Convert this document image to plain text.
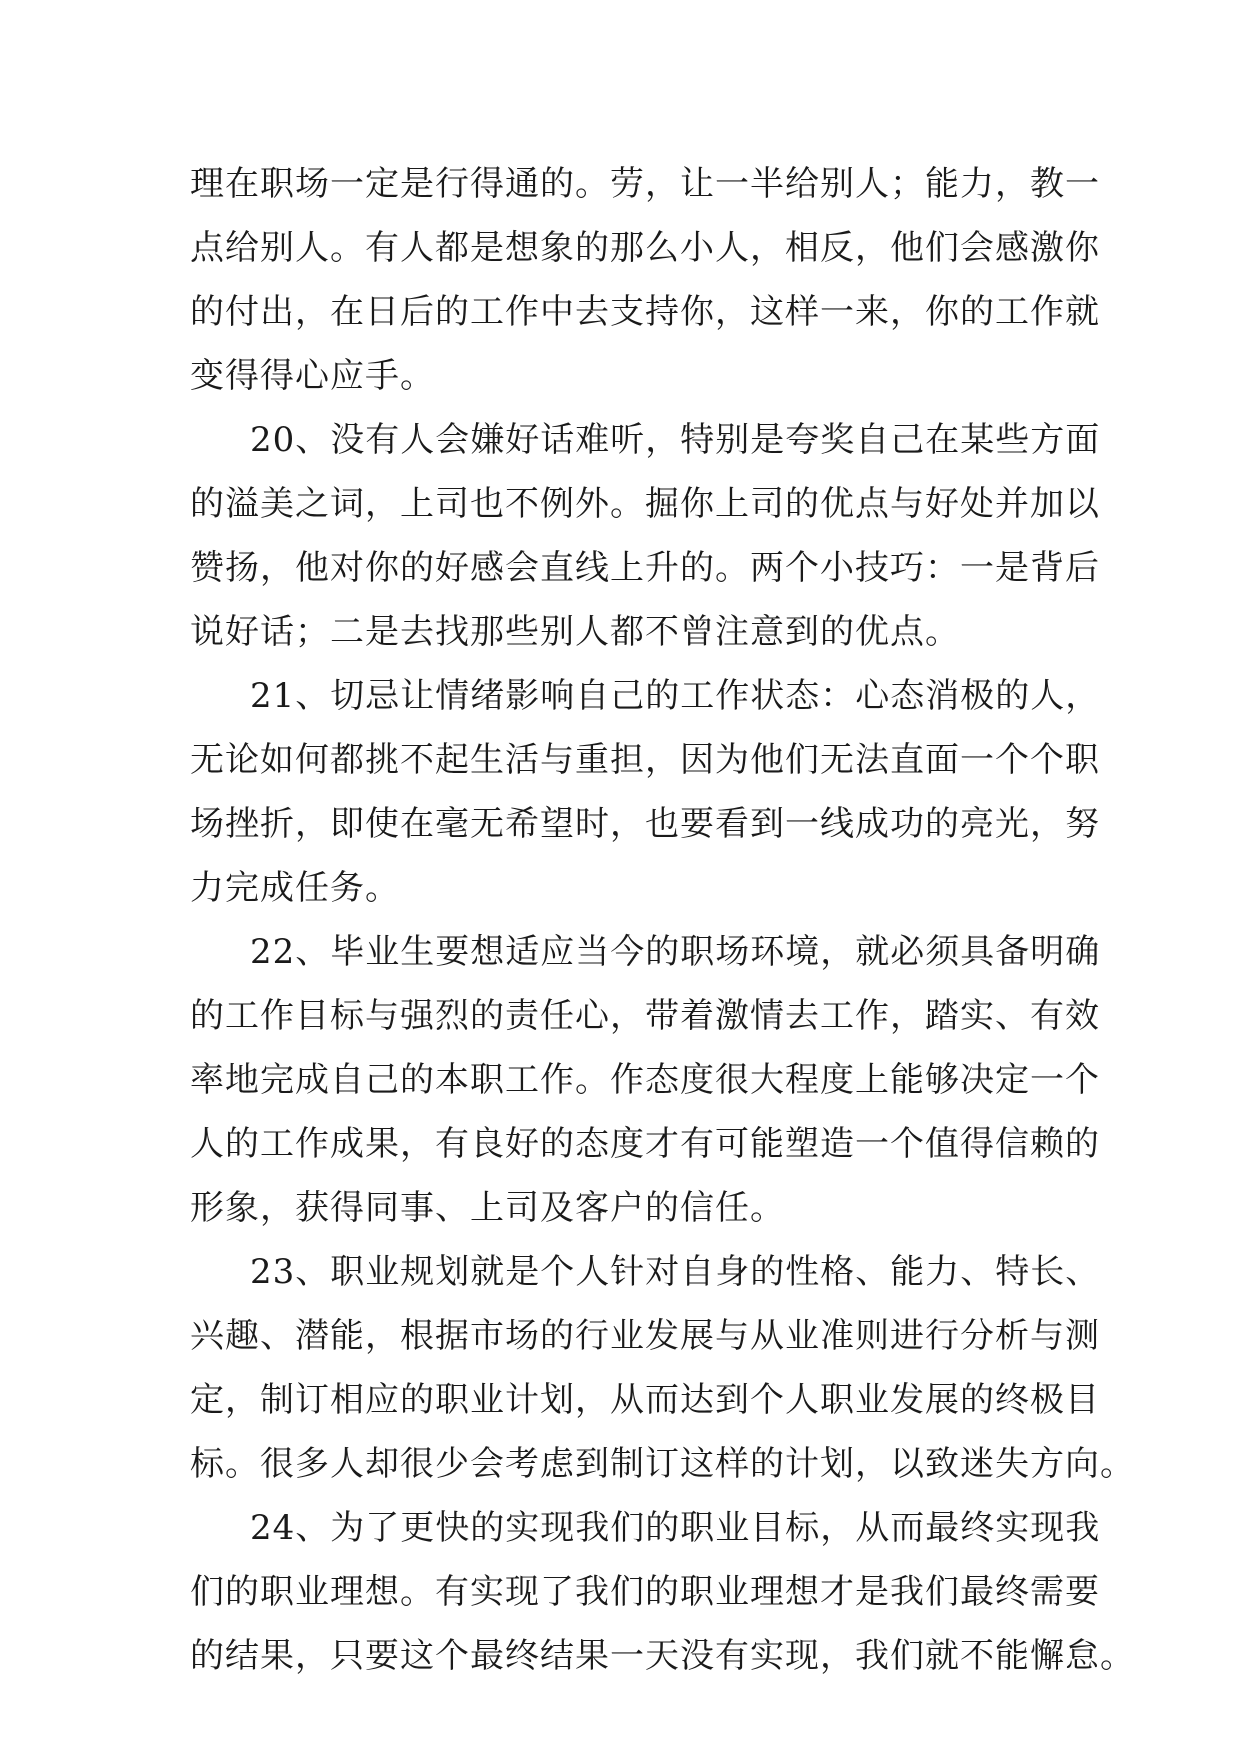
理在职场一定是行得通的。劳，让一半给别人；能力，教一
点给别人。有人都是想象的那么小人，相反，他们会感激你
的付出，在日后的工作中去支持你，这样一来，你的工作就
变得得心应手。
20、没有人会嫌好话难听，特别是夸奖自己在某些方面
的溢美之词，上司也不例外。掘你上司的优点与好处并加以
赞扬，他对你的好感会直线上升的。两个小技巧：一是背后
说好话；二是去找那些别人都不曾注意到的优点。
21、切忌让情绪影响自己的工作状态：心态消极的人，
无论如何都挑不起生活与重担，因为他们无法直面一个个职
场挫折，即使在毫无希望时，也要看到一线成功的亮光，努
力完成任务。
22、毕业生要想适应当今的职场环境，就必须具备明确
的工作目标与强烈的责任心，带着激情去工作，踏实、有效
率地完成自己的本职工作。作态度很大程度上能够决定一个
人的工作成果，有良好的态度才有可能塑造一个值得信赖的
形象，获得同事、上司及客户的信任。
23、职业规划就是个人针对自身的性格、能力、特长、
兴趣、潜能，根据市场的行业发展与从业准则进行分析与测
定，制订相应的职业计划，从而达到个人职业发展的终极目
标。很多人却很少会考虑到制订这样的计划，以致迷失方向。
24、为了更快的实现我们的职业目标，从而最终实现我
们的职业理想。有实现了我们的职业理想才是我们最终需要
的结果，只要这个最终结果一天没有实现，我们就不能懈怠。
